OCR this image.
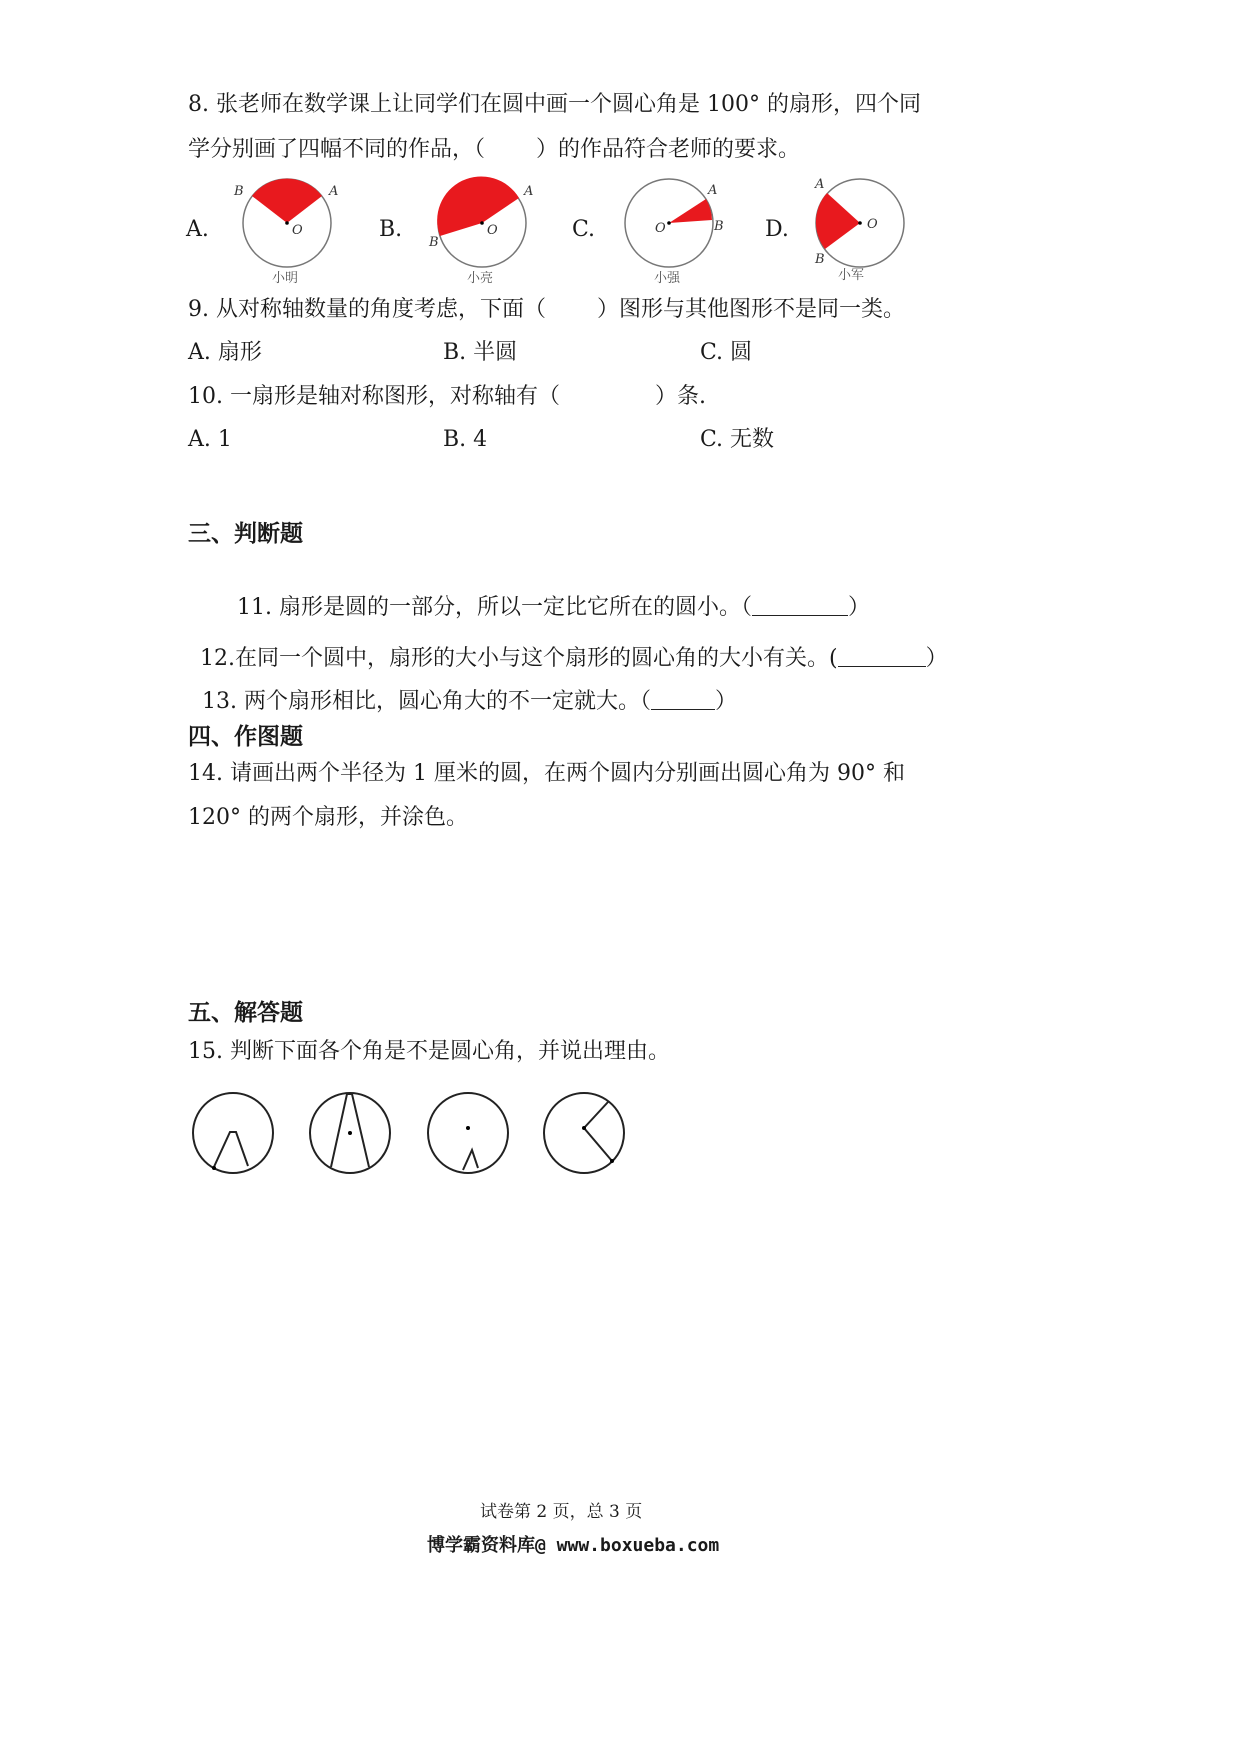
8. 张老师在数学课上让同学们在圆中画一个圆心角是 100° 的扇形，四个同
学分别画了四幅不同的作品，（　　 ）的作品符合老师的要求。
A.
B	A
O
小明
B.
A
B
O
小亮
C.
A
B
O
小强
D.
A
B
O
小军
9. 从对称轴数量的角度考虑，下面（　　 ）图形与其他图形不是同一类。
A. 扇形	B. 半圆	C. 圆
10. 一扇形是轴对称图形，对称轴有（　　　　 ）条.
A. 1	B. 4	C. 无数
三、判断题

11. 扇形是圆的一部分，所以一定比它所在的圆小。（	）

12.在同一个圆中，扇形的大小与这个扇形的圆心角的大小有关。(	）

13. 两个扇形相比，圆心角大的不一定就大。（	）

四、作图题
14. 请画出两个半径为 1 厘米的圆，在两个圆内分别画出圆心角为 90° 和
120° 的两个扇形，并涂色。
五、解答题
15. 判断下面各个角是不是圆心角，并说出理由。
试卷第 2 页，总 3 页
博学霸资料库@ www.boxueba.com
